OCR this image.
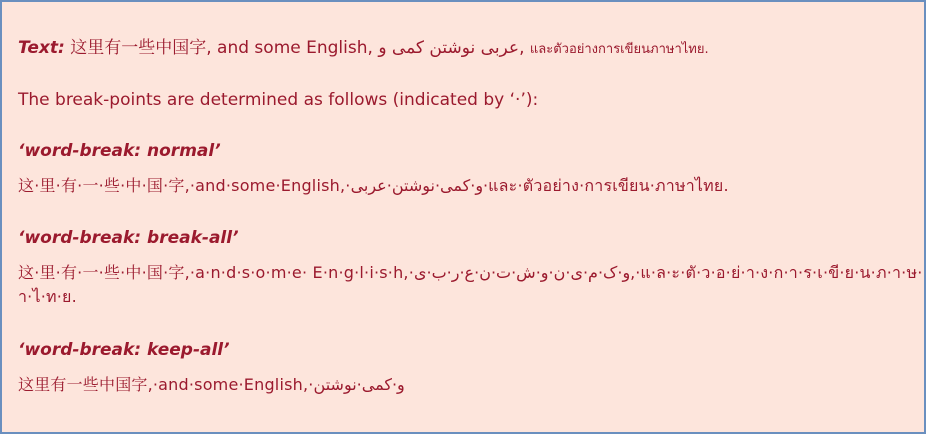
Text: 这里有一些中国字, and some English, عربى نوشتن کمی و, และตัวอย่างการเขียนภาษาไทย.
The break-points are determined as follows (indicated by ‘·’):
‘word-break: normal’
这·里·有·一·些·中·国·字,·and·some·English,·و·کمی·نوشتن·عربى·และ·ตัวอย่าง·การเขียน·ภาษาไทย.
‘word-break: break-all’
这·里·有·一·些·中·国·字,·a·n·d·s·o·m·e· E·n·g·l·i·s·h,·و·ک·م·ی·ن·و·ش·ت·ن·ع·ر·ب·ى,·แ·ล·ะ·ตั·ว·อ·ย่·า·ง·ก·า·ร·เ·ขี·ย·น·ภ·า·ษ·
า·ไ·ท·ย.
‘word-break: keep-all’
这里有一些中国字,·and·some·English,·و·کمی·نوشتن
